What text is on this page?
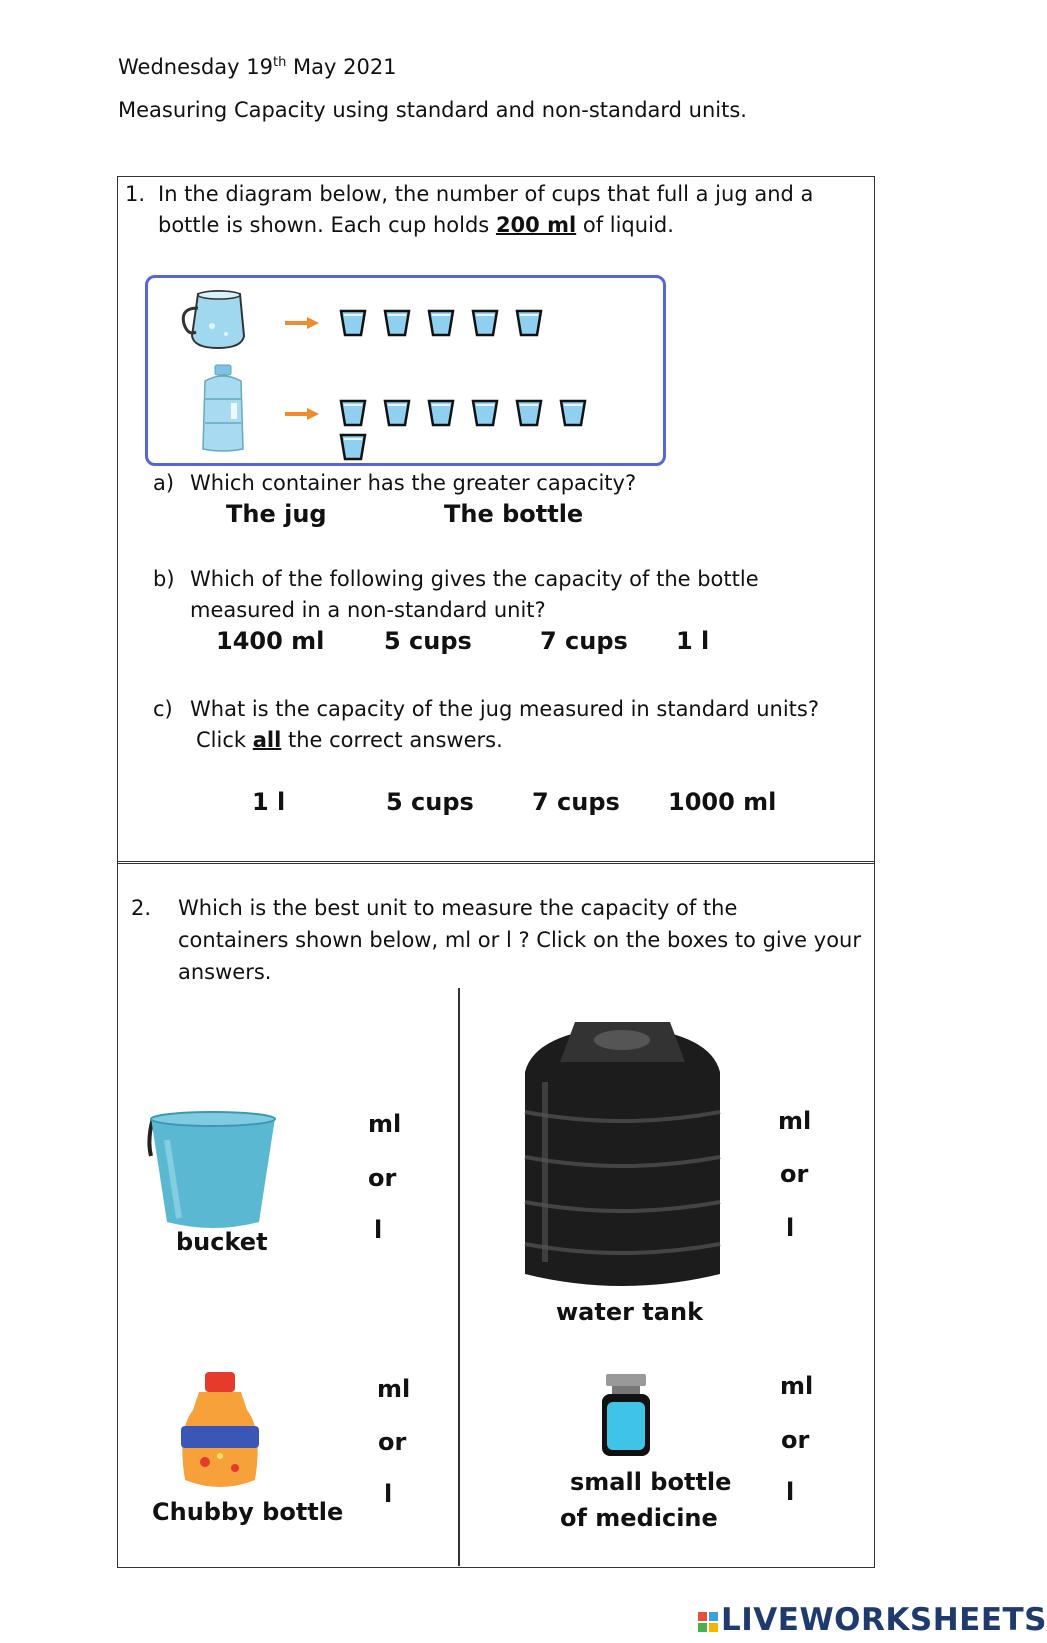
Wednesday 19th May 2021
Measuring Capacity using standard and non-standard units.
1. In the diagram below, the number of cups that full a jug and a
bottle is shown. Each cup holds 200 ml of liquid.
a) Which container has the greater capacity?
The jug	The bottle
b) Which of the following gives the capacity of the bottle
measured in a non-standard unit?
1400 ml 5 cups	7 cups 1 l
c) What is the capacity of the jug measured in standard units?
Click all the correct answers.
1 l	5 cups 7 cups 1000 ml
2. Which is the best unit to measure the capacity of the
containers shown below, ml or l ? Click on the boxes to give your
answers.
bucket
ml
or
l
water tank
ml
or
l
Chubby bottle
ml
or
l	small bottle
of medicine
ml
or
l

LIVEWORKSHEETS
